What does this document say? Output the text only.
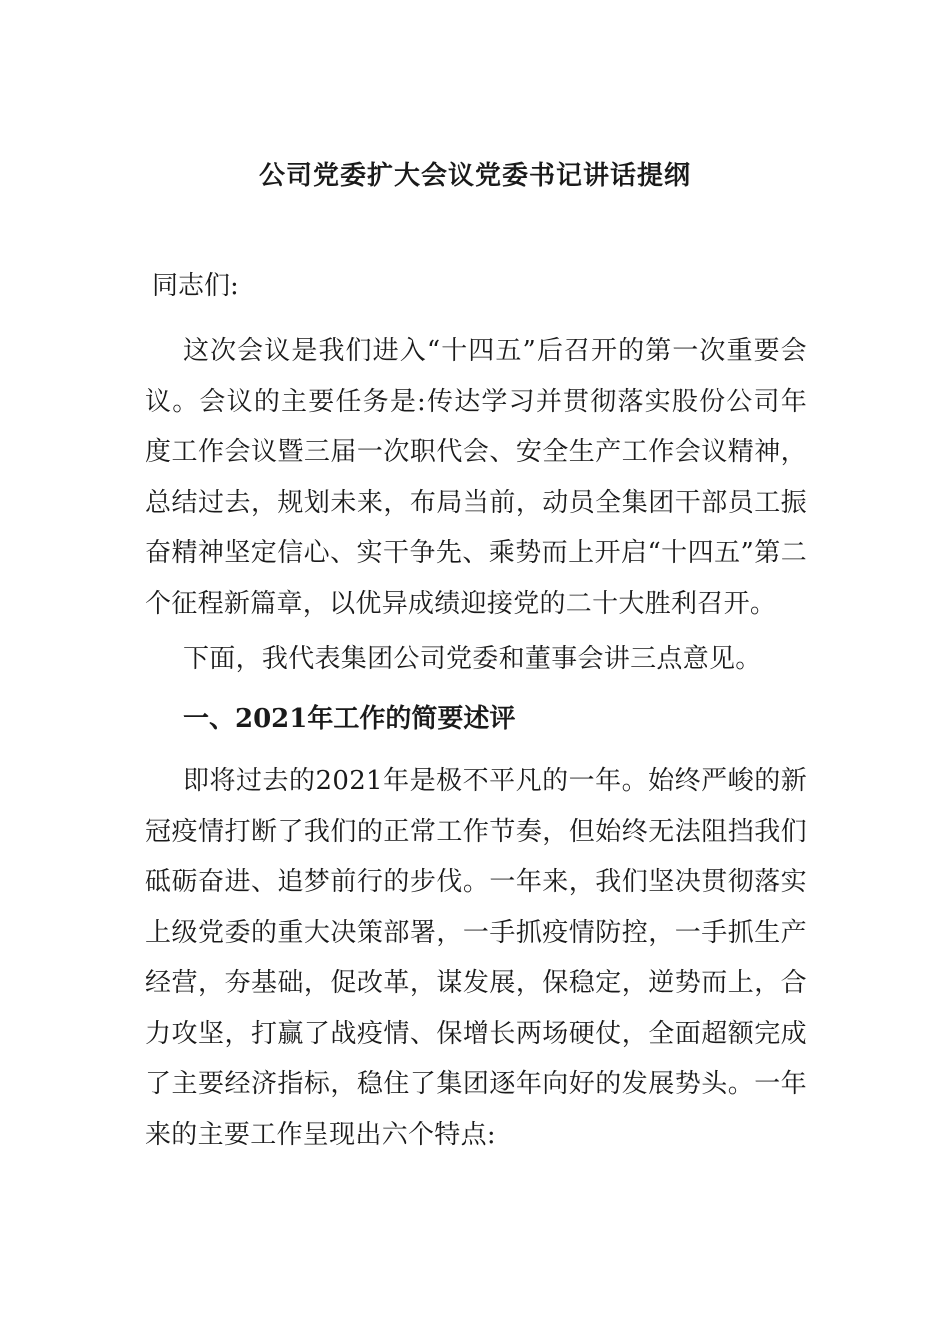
公司党委扩大会议党委书记讲话提纲
同志们:
这次会议是我们进入“十四五”后召开的第一次重要会议。会议的主要任务是:传达学习并贯彻落实股份公司年度工作会议暨三届一次职代会、安全生产工作会议精神，总结过去，规划未来，布局当前，动员全集团干部员工振奋精神坚定信心、实干争先、乘势而上开启“十四五”第二个征程新篇章，以优异成绩迎接党的二十大胜利召开。
下面，我代表集团公司党委和董事会讲三点意见。
一、2021年工作的简要述评
即将过去的2021年是极不平凡的一年。始终严峻的新冠疫情打断了我们的正常工作节奏，但始终无法阻挡我们砥砺奋进、追梦前行的步伐。一年来，我们坚决贯彻落实上级党委的重大决策部署，一手抓疫情防控，一手抓生产经营，夯基础，促改革，谋发展，保稳定，逆势而上，合力攻坚，打赢了战疫情、保增长两场硬仗，全面超额完成了主要经济指标，稳住了集团逐年向好的发展势头。一年来的主要工作呈现出六个特点:
